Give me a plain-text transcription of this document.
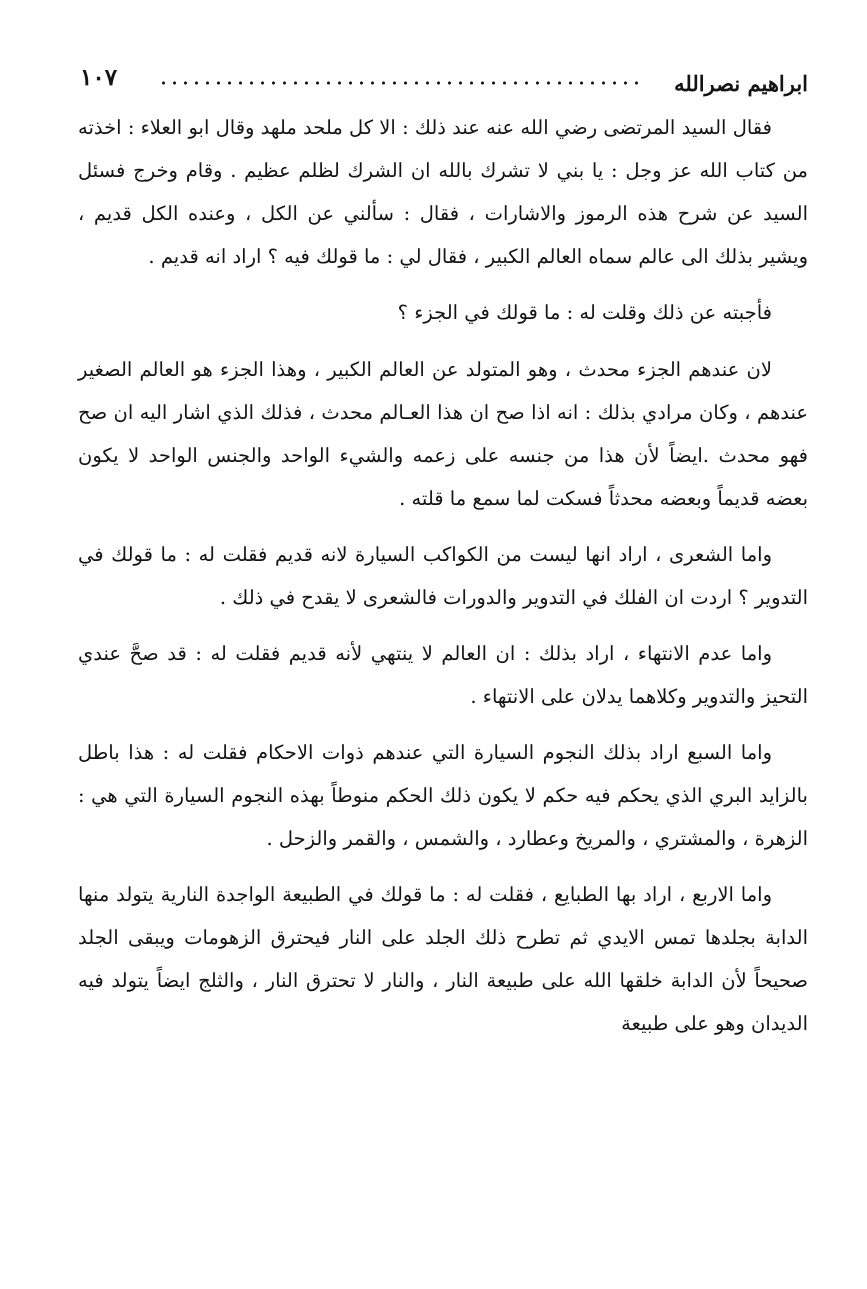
ابراهيم نصرالله
١٠٧

فقال السيد المرتضى رضي الله عنه عند ذلك : الا كل ملحد ملهد وقال ابو العلاء : اخذته من كتاب الله عز وجل : يا بني لا تشرك بالله ان الشرك لظلم عظيم . وقام وخرج فسئل السيد عن شرح هذه الرموز والاشارات ، فقال : سألني عن الكل ، وعنده الكل قديم ، ويشير بذلك الى عالم سماه العالم الكبير ، فقال لي : ما قولك فيه ؟ اراد انه قديم .

فأجبته عن ذلك وقلت له : ما قولك في الجزء ؟

لان عندهم الجزء محدث ، وهو المتولد عن العالم الكبير ، وهذا الجزء هو العالم الصغير عندهم ، وكان مرادي بذلك : انه اذا صح ان هذا العـالم محدث ، فذلك الذي اشار اليه ان صح فهو محدث .ايضاً لأن هذا من جنسه على زعمه والشيء الواحد والجنس الواحد لا يكون بعضه قديماً وبعضه محدثاً فسكت لما سمع ما قلته .

واما الشعرى ، اراد انها ليست من الكواكب السيارة لانه قديم فقلت له : ما قولك في التدوير ؟ اردت ان الفلك في التدوير والدورات فالشعرى لا يقدح في ذلك .

واما عدم الانتهاء ، اراد بذلك : ان العالم لا ينتهي لأنه قديم فقلت له : قد صحَّ عندي التحيز والتدوير وكلاهما يدلان على الانتهاء .

واما السبع اراد بذلك النجوم السيارة التي عندهم ذوات الاحكام فقلت له : هذا باطل بالزايد البري الذي يحكم فيه حكم لا يكون ذلك الحكم منوطاً بهذه النجوم السيارة التي هي : الزهرة ، والمشتري ، والمريخ وعطارد ، والشمس ، والقمر والزحل .

واما الاربع ، اراد بها الطبايع ، فقلت له : ما قولك في الطبيعة الواجدة النارية يتولد منها الدابة بجلدها تمس الايدي ثم تطرح ذلك الجلد على النار فيحترق الزهومات ويبقى الجلد صحيحاً لأن الدابة خلقها الله على طبيعة النار ، والنار لا تحترق النار ، والثلج ايضاً يتولد فيه الديدان وهو على طبيعة
